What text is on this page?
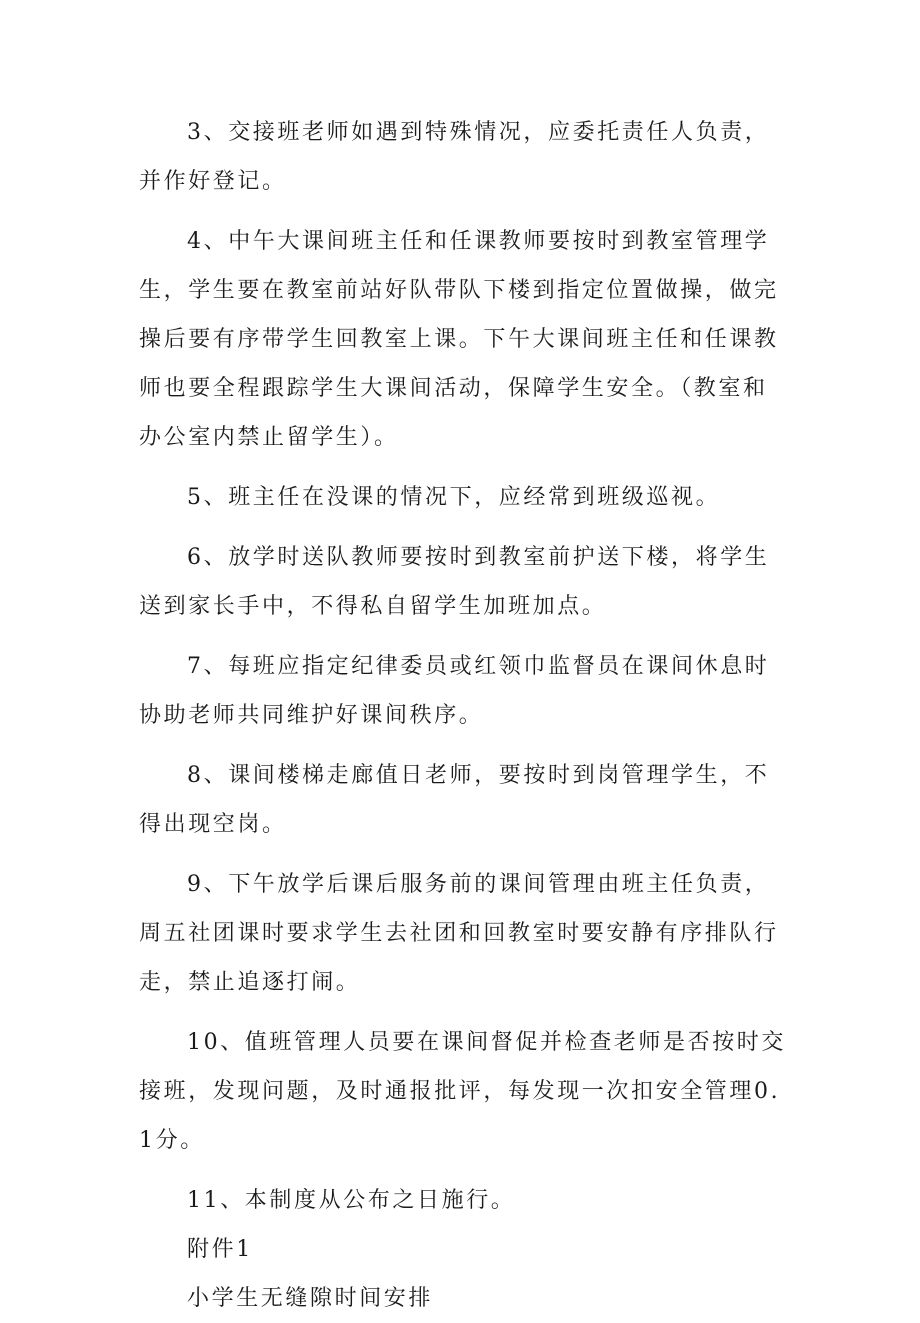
3、交接班老师如遇到特殊情况，应委托责任人负责，并作好登记。

4、中午大课间班主任和任课教师要按时到教室管理学生，学生要在教室前站好队带队下楼到指定位置做操，做完操后要有序带学生回教室上课。下午大课间班主任和任课教师也要全程跟踪学生大课间活动，保障学生安全。（教室和办公室内禁止留学生）。

5、班主任在没课的情况下，应经常到班级巡视。

6、放学时送队教师要按时到教室前护送下楼，将学生送到家长手中，不得私自留学生加班加点。

7、每班应指定纪律委员或红领巾监督员在课间休息时协助老师共同维护好课间秩序。

8、课间楼梯走廊值日老师，要按时到岗管理学生，不得出现空岗。

9、下午放学后课后服务前的课间管理由班主任负责，周五社团课时要求学生去社团和回教室时要安静有序排队行走，禁止追逐打闹。

10、值班管理人员要在课间督促并检查老师是否按时交接班，发现问题，及时通报批评，每发现一次扣安全管理0.1分。

11、本制度从公布之日施行。

附件1

小学生无缝隙时间安排
